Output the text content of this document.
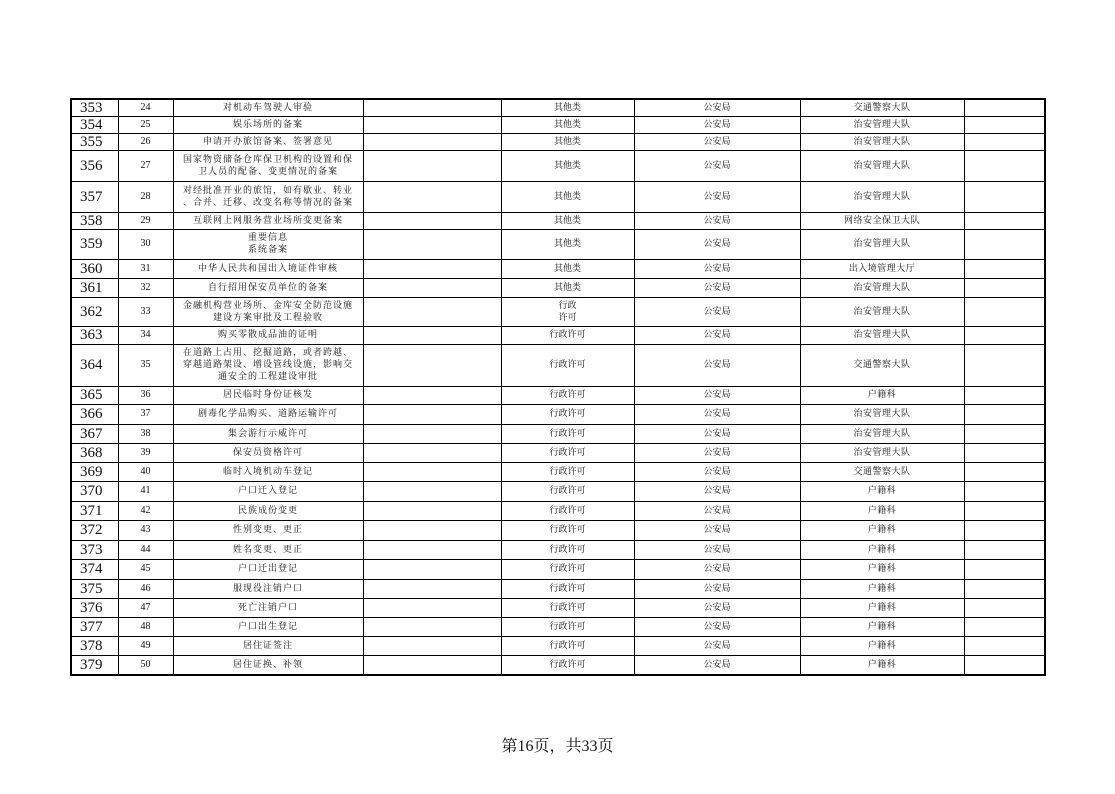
353	24	对机动车驾驶人审验		其他类	公安局	交通警察大队	
354	25	娱乐场所的备案		其他类	公安局	治安管理大队	
355	26	申请开办旅馆备案、签署意见		其他类	公安局	治安管理大队	
356	27	国家物资储备仓库保卫机构的设置和保
卫人员的配备、变更情况的备案		其他类	公安局	治安管理大队	
357	28	对经批准开业的旅馆，如有歇业、转业
、合并、迁移、改变名称等情况的备案		其他类	公安局	治安管理大队	
358	29	互联网上网服务营业场所变更备案		其他类	公安局	网络安全保卫大队	
359	30	重要信息
系统备案		其他类	公安局	治安管理大队	
360	31	中华人民共和国出入境证件审核		其他类	公安局	出入境管理大厅	
361	32	自行招用保安员单位的备案		其他类	公安局	治安管理大队	
362	33	金融机构营业场所、金库安全防范设施
建设方案审批及工程验收		行政
许可	公安局	治安管理大队	
363	34	购买零散成品油的证明		行政许可	公安局	治安管理大队	
364	35	在道路上占用、挖掘道路，或者跨越、
穿越道路架设、增设管线设施，影响交
通安全的工程建设审批		行政许可	公安局	交通警察大队	
365	36	居民临时身份证核发		行政许可	公安局	户籍科	
366	37	剧毒化学品购买、道路运输许可		行政许可	公安局	治安管理大队	
367	38	集会游行示威许可		行政许可	公安局	治安管理大队	
368	39	保安员资格许可		行政许可	公安局	治安管理大队	
369	40	临时入境机动车登记		行政许可	公安局	交通警察大队	
370	41	户口迁入登记		行政许可	公安局	户籍科	
371	42	民族成份变更		行政许可	公安局	户籍科	
372	43	性别变更、更正		行政许可	公安局	户籍科	
373	44	姓名变更、更正		行政许可	公安局	户籍科	
374	45	户口迁出登记		行政许可	公安局	户籍科	
375	46	服现役注销户口		行政许可	公安局	户籍科	
376	47	死亡注销户口		行政许可	公安局	户籍科	
377	48	户口出生登记		行政许可	公安局	户籍科	
378	49	居住证签注		行政许可	公安局	户籍科	
379	50	居住证换、补领		行政许可	公安局	户籍科	
第16页，共33页
